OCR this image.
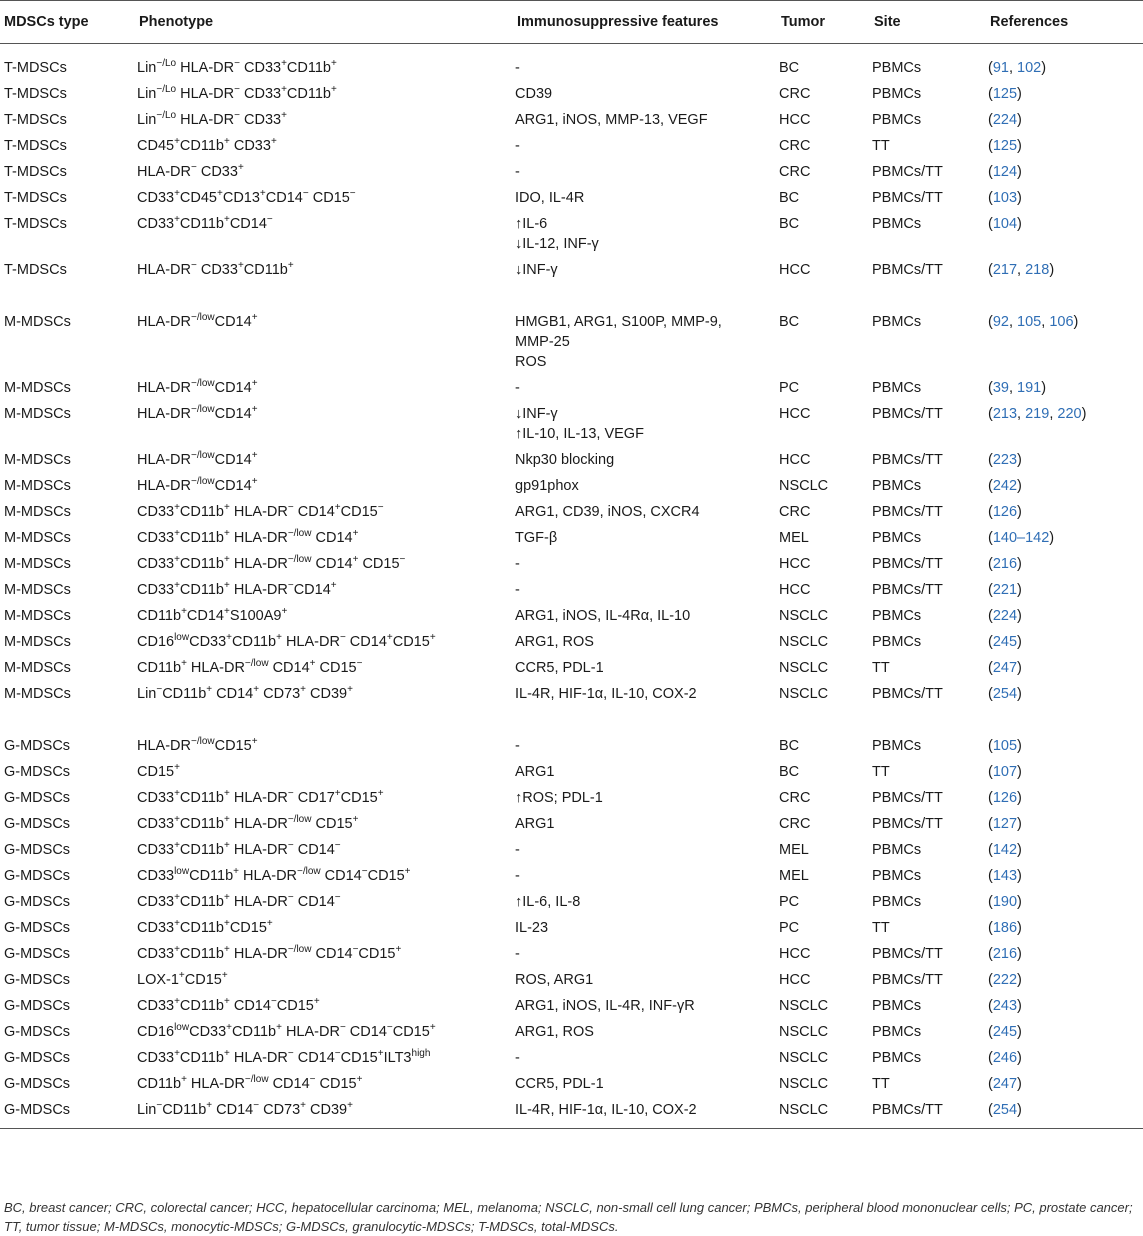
MDSCs type	Phenotype	Immunosuppressive features	Tumor	Site	References
T-MDSCs	Lin$^{-/Lo}$ HLA-DR− CD33+CD11b+	-	BC	PBMCs	(91, 102)
T-MDSCs	Lin$^{-/Lo}$ HLA-DR− CD33+CD11b+	CD39	CRC	PBMCs	(125)
T-MDSCs	Lin$^{-/Lo}$ HLA-DR− CD33+	ARG1, iNOS, MMP-13, VEGF	HCC	PBMCs	(224)
T-MDSCs	CD45+CD11b+ CD33+	-	CRC	TT	(125)
T-MDSCs	HLA-DR− CD33+	-	CRC	PBMCs/TT	(124)
T-MDSCs	CD33+CD45+CD13+CD14− CD15−	IDO, IL-4R	BC	PBMCs/TT	(103)
T-MDSCs	CD33+CD11b+CD14−	↑IL-6
↓IL-12, INF-γ	BC	PBMCs	(104)
T-MDSCs	HLA-DR− CD33+CD11b+	↓INF-γ	HCC	PBMCs/TT	(217, 218)
M-MDSCs	HLA-$DR^{-/low}CD14^+$	HMGB1, ARG1, S100P, MMP-9,
MMP-25
ROS	BC	PBMCs	(92, 105, 106)
M-MDSCs	HLA-$DR^{-/low}CD14^+$	-	PC	PBMCs	(39, 191)
M-MDSCs	HLA-$DR^{-/low}CD14^+$	↓INF-γ
↑IL-10, IL-13, VEGF	HCC	PBMCs/TT	(213, 219, 220)
M-MDSCs	HLA-$DR^{-/low}CD14^+$	Nkp30 blocking	HCC	PBMCs/TT	(223)
M-MDSCs	HLA-$DR^{-/low}CD14^+$	gp91phox	NSCLC	PBMCs	(242)
M-MDSCs	CD33+CD11b+ HLA-DR− CD14+CD15−	ARG1, CD39, iNOS, CXCR4	CRC	PBMCs/TT	(126)
M-MDSCs	CD33+CD11b+ HLA-$DR^{-/low}$ CD14+	TGF-β	MEL	PBMCs	(140–142)
M-MDSCs	CD33+CD11b+ HLA-$DR^{-/low}$ CD14+ CD15−	-	HCC	PBMCs/TT	(216)
M-MDSCs	CD33+CD11b+ HLA-DR−CD14+	-	HCC	PBMCs/TT	(221)
M-MDSCs	CD11b+CD14+S100A9+	ARG1, iNOS, IL-4Rα, IL-10	NSCLC	PBMCs	(224)
M-MDSCs	$CD16^{low}CD33^+CD11b^+$ HLA-DR− CD14+CD15+	ARG1, ROS	NSCLC	PBMCs	(245)
M-MDSCs	CD11b+ HLA-$DR^{-/low}$ CD14+ CD15−	CCR5, PDL-1	NSCLC	TT	(247)
M-MDSCs	Lin−CD11b+ CD14+ CD73+ CD39+	IL-4R, HIF-1α, IL-10, COX-2	NSCLC	PBMCs/TT	(254)
G-MDSCs	HLA-$DR^{-/low}CD15^+$	-	BC	PBMCs	(105)
G-MDSCs	CD15+	ARG1	BC	TT	(107)
G-MDSCs	CD33+CD11b+ HLA-DR− CD17+CD15+	↑ROS; PDL-1	CRC	PBMCs/TT	(126)
G-MDSCs	CD33+CD11b+ HLA-$DR^{-/low}$ CD15+	ARG1	CRC	PBMCs/TT	(127)
G-MDSCs	CD33+CD11b+ HLA-DR− CD14−	-	MEL	PBMCs	(142)
G-MDSCs	$CD33^{low}CD11b^+$ HLA-$DR^{-/low}$ CD14−CD15+	-	MEL	PBMCs	(143)
G-MDSCs	CD33+CD11b+ HLA-DR− CD14−	↑IL-6, IL-8	PC	PBMCs	(190)
G-MDSCs	CD33+CD11b+CD15+	IL-23	PC	TT	(186)
G-MDSCs	CD33+CD11b+ HLA-$DR^{-/low}$ CD14−CD15+	-	HCC	PBMCs/TT	(216)
G-MDSCs	LOX-1+CD15+	ROS, ARG1	HCC	PBMCs/TT	(222)
G-MDSCs	CD33+CD11b+ CD14−CD15+	ARG1, iNOS, IL-4R, INF-γR	NSCLC	PBMCs	(243)
G-MDSCs	$CD16^{low}CD33^+CD11b^+$ HLA-DR− CD14−CD15+	ARG1, ROS	NSCLC	PBMCs	(245)
G-MDSCs	CD33+CD11b+ HLA-DR− $CD14^-CD15^+ILT3^{high}$	-	NSCLC	PBMCs	(246)
G-MDSCs	CD11b+ HLA-$DR^{-/low}$ CD14− CD15+	CCR5, PDL-1	NSCLC	TT	(247)
G-MDSCs	Lin−CD11b+ CD14− CD73+ CD39+	IL-4R, HIF-1α, IL-10, COX-2	NSCLC	PBMCs/TT	(254)
BC, breast cancer; CRC, colorectal cancer; HCC, hepatocellular carcinoma; MEL, melanoma; NSCLC, non-small cell lung cancer; PBMCs, peripheral blood mononuclear cells; PC, prostate cancer; TT, tumor tissue; M-MDSCs, monocytic-MDSCs; G-MDSCs, granulocytic-MDSCs; T-MDSCs, total-MDSCs.
